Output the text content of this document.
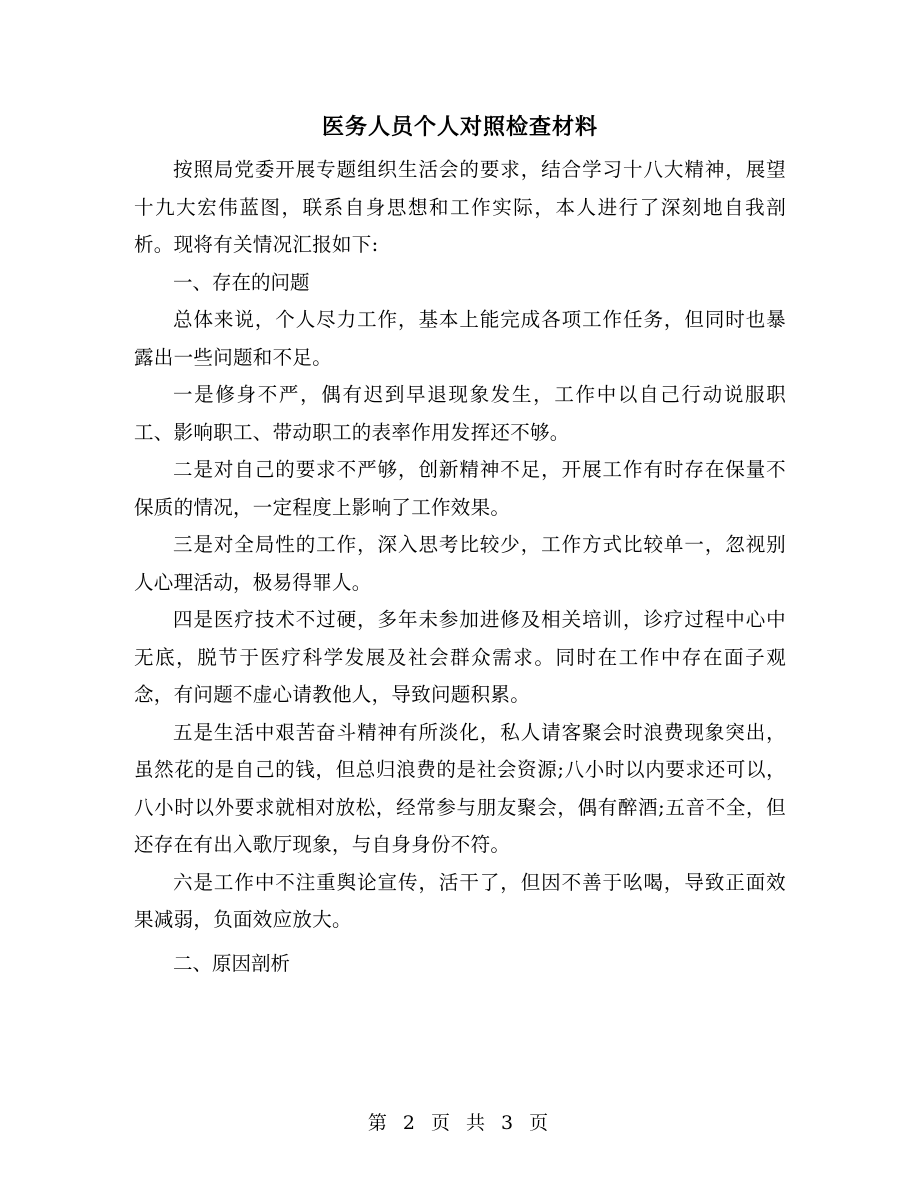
医务人员个人对照检查材料

按照局党委开展专题组织生活会的要求，结合学习十八大精神，展望十九大宏伟蓝图，联系自身思想和工作实际，本人进行了深刻地自我剖析。现将有关情况汇报如下:

一、存在的问题

总体来说，个人尽力工作，基本上能完成各项工作任务，但同时也暴露出一些问题和不足。

一是修身不严，偶有迟到早退现象发生，工作中以自己行动说服职工、影响职工、带动职工的表率作用发挥还不够。

二是对自己的要求不严够，创新精神不足，开展工作有时存在保量不保质的情况，一定程度上影响了工作效果。

三是对全局性的工作，深入思考比较少，工作方式比较单一，忽视别人心理活动，极易得罪人。

四是医疗技术不过硬，多年未参加进修及相关培训，诊疗过程中心中无底，脱节于医疗科学发展及社会群众需求。同时在工作中存在面子观念，有问题不虚心请教他人，导致问题积累。

五是生活中艰苦奋斗精神有所淡化，私人请客聚会时浪费现象突出，虽然花的是自己的钱，但总归浪费的是社会资源;八小时以内要求还可以，八小时以外要求就相对放松，经常参与朋友聚会，偶有醉酒;五音不全，但还存在有出入歌厅现象，与自身身份不符。

六是工作中不注重舆论宣传，活干了，但因不善于吆喝，导致正面效果减弱，负面效应放大。

二、原因剖析

第 2 页 共 3 页
